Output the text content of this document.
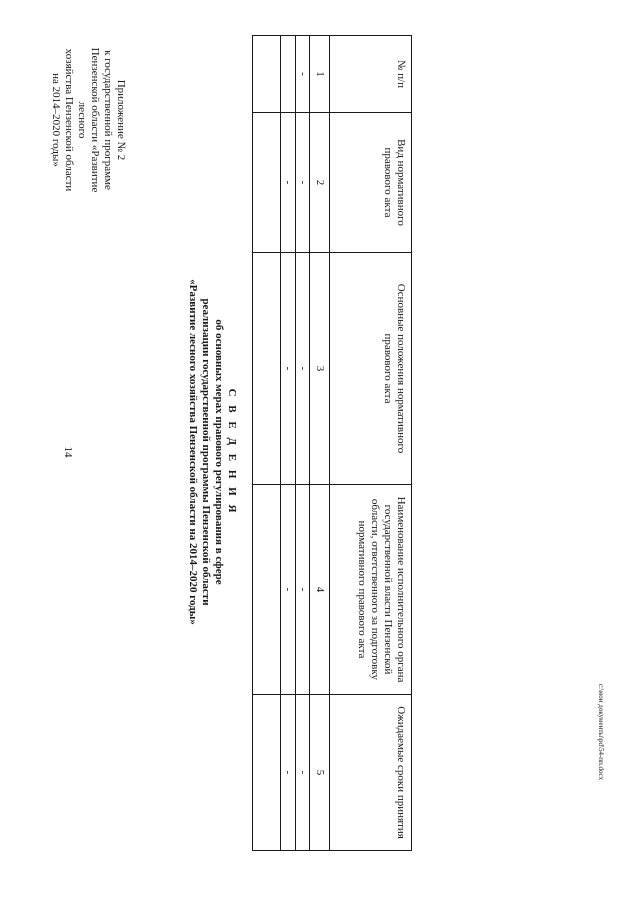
14
Приложение № 2
к государственной программе
Пензенской области «Развитие лесного
хозяйства Пензенской области
на 2014–2020 годы»
С В Е Д Е Н И Я
об основных мерах правового регулирования в сфере
реализации государственной программы Пензенской области
«Развитие лесного хозяйства Пензенской области на 2014–2020 годы»
№ п/п	Вид нормативного правового акта	Основные положения нормативного правового акта	Наименование исполнительного органа государственной власти Пензенской области, ответственного за подготовку нормативного правового акта	Ожидаемые сроки принятия
1	2	3	4	5
-	-	-	-	-
	-	-	-	-
					c:\мои документы\pd\54-пп.docx
